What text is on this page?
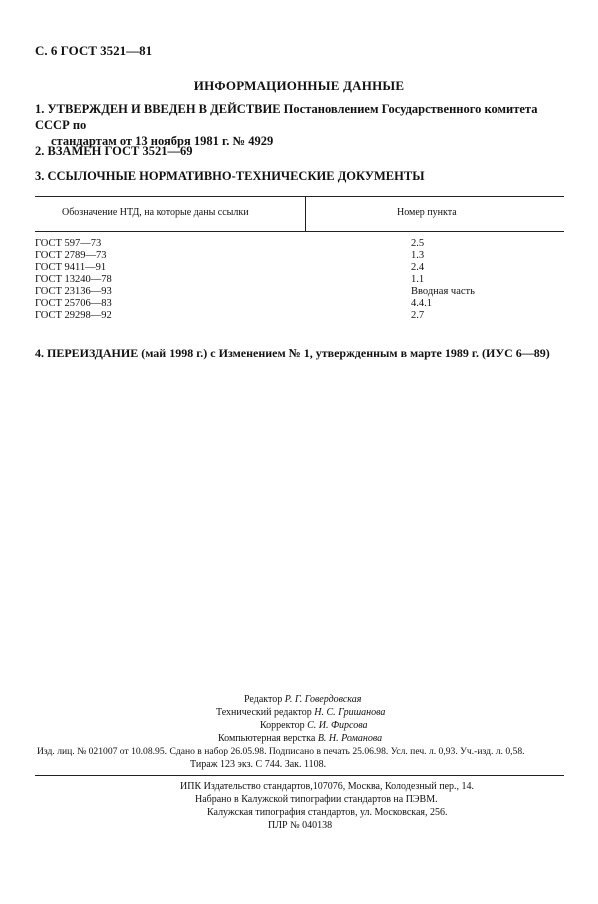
С. 6 ГОСТ 3521—81
ИНФОРМАЦИОННЫЕ ДАННЫЕ
1. УТВЕРЖДЕН И ВВЕДЕН В ДЕЙСТВИЕ Постановлением Государственного комитета СССР по
стандартам от 13 ноября 1981 г. № 4929
2. ВЗАМЕН ГОСТ 3521—69
3. ССЫЛОЧНЫЕ НОРМАТИВНО-ТЕХНИЧЕСКИЕ ДОКУМЕНТЫ
Обозначение НТД, на которые даны ссылки	Номер пункта
ГОСТ 597—73
ГОСТ 2789—73
ГОСТ 9411—91
ГОСТ 13240—78
ГОСТ 23136—93
ГОСТ 25706—83
ГОСТ 29298—92
2.5
1.3
2.4
1.1
Вводная часть
4.4.1
2.7
4. ПЕРЕИЗДАНИЕ (май 1998 г.) с Изменением № 1, утвержденным в марте 1989 г. (ИУС 6—89)
Редактор Р. Г. Говердовская
Технический редактор Н. С. Гришанова
Корректор С. И. Фирсова
Компьютерная верстка В. Н. Романова
Изд. лиц. № 021007 от 10.08.95. Сдано в набор 26.05.98. Подписано в печать 25.06.98. Усл. печ. л. 0,93. Уч.-изд. л. 0,58.
Тираж 123 экз. С 744. Зак. 1108.
ИПК Издательство стандартов,107076, Москва, Колодезный пер., 14.
Набрано в Калужской типографии стандартов на ПЭВМ.
Калужская типография стандартов, ул. Московская, 256.
ПЛР № 040138
